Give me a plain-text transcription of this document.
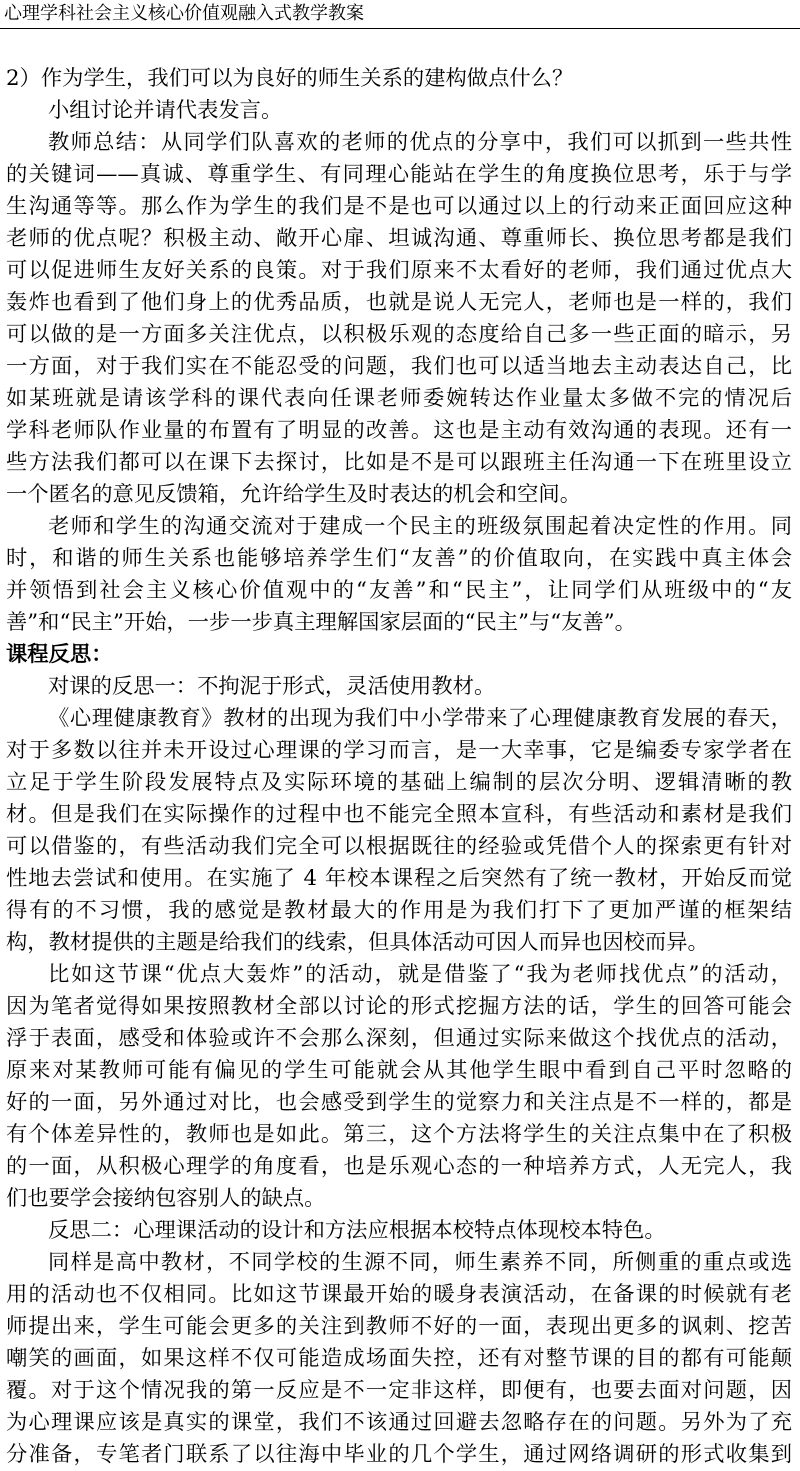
心理学科社会主义核心价值观融入式教学教案
2）作为学生，我们可以为良好的师生关系的建构做点什么？
小组讨论并请代表发言。
教师总结：从同学们队喜欢的老师的优点的分享中，我们可以抓到一些共性
的关键词——真诚、尊重学生、有同理心能站在学生的角度换位思考，乐于与学
生沟通等等。那么作为学生的我们是不是也可以通过以上的行动来正面回应这种
老师的优点呢？积极主动、敞开心扉、坦诚沟通、尊重师长、换位思考都是我们
可以促进师生友好关系的良策。对于我们原来不太看好的老师，我们通过优点大
轰炸也看到了他们身上的优秀品质，也就是说人无完人，老师也是一样的，我们
可以做的是一方面多关注优点，以积极乐观的态度给自己多一些正面的暗示，另
一方面，对于我们实在不能忍受的问题，我们也可以适当地去主动表达自己，比
如某班就是请该学科的课代表向任课老师委婉转达作业量太多做不完的情况后
学科老师队作业量的布置有了明显的改善。这也是主动有效沟通的表现。还有一
些方法我们都可以在课下去探讨，比如是不是可以跟班主任沟通一下在班里设立
一个匿名的意见反馈箱，允许给学生及时表达的机会和空间。
老师和学生的沟通交流对于建成一个民主的班级氛围起着决定性的作用。同
时，和谐的师生关系也能够培养学生们“友善”的价值取向，在实践中真主体会
并领悟到社会主义核心价值观中的“友善”和“民主”，让同学们从班级中的“友
善”和“民主”开始，一步一步真主理解国家层面的“民主”与“友善”。
课程反思：
对课的反思一：不拘泥于形式，灵活使用教材。
《心理健康教育》教材的出现为我们中小学带来了心理健康教育发展的春天，
对于多数以往并未开设过心理课的学习而言，是一大幸事，它是编委专家学者在
立足于学生阶段发展特点及实际环境的基础上编制的层次分明、逻辑清晰的教
材。但是我们在实际操作的过程中也不能完全照本宣科，有些活动和素材是我们
可以借鉴的，有些活动我们完全可以根据既往的经验或凭借个人的探索更有针对
性地去尝试和使用。在实施了 4 年校本课程之后突然有了统一教材，开始反而觉
得有的不习惯，我的感觉是教材最大的作用是为我们打下了更加严谨的框架结
构，教材提供的主题是给我们的线索，但具体活动可因人而异也因校而异。
比如这节课“优点大轰炸”的活动，就是借鉴了“我为老师找优点”的活动，
因为笔者觉得如果按照教材全部以讨论的形式挖掘方法的话，学生的回答可能会
浮于表面，感受和体验或许不会那么深刻，但通过实际来做这个找优点的活动，
原来对某教师可能有偏见的学生可能就会从其他学生眼中看到自己平时忽略的
好的一面，另外通过对比，也会感受到学生的觉察力和关注点是不一样的，都是
有个体差异性的，教师也是如此。第三，这个方法将学生的关注点集中在了积极
的一面，从积极心理学的角度看，也是乐观心态的一种培养方式，人无完人，我
们也要学会接纳包容别人的缺点。
反思二：心理课活动的设计和方法应根据本校特点体现校本特色。
同样是高中教材，不同学校的生源不同，师生素养不同，所侧重的重点或选
用的活动也不仅相同。比如这节课最开始的暖身表演活动，在备课的时候就有老
师提出来，学生可能会更多的关注到教师不好的一面，表现出更多的讽刺、挖苦
嘲笑的画面，如果这样不仅可能造成场面失控，还有对整节课的目的都有可能颠
覆。对于这个情况我的第一反应是不一定非这样，即便有，也要去面对问题，因
为心理课应该是真实的课堂，我们不该通过回避去忽略存在的问题。另外为了充
分准备，专笔者门联系了以往海中毕业的几个学生，通过网络调研的形式收集到
